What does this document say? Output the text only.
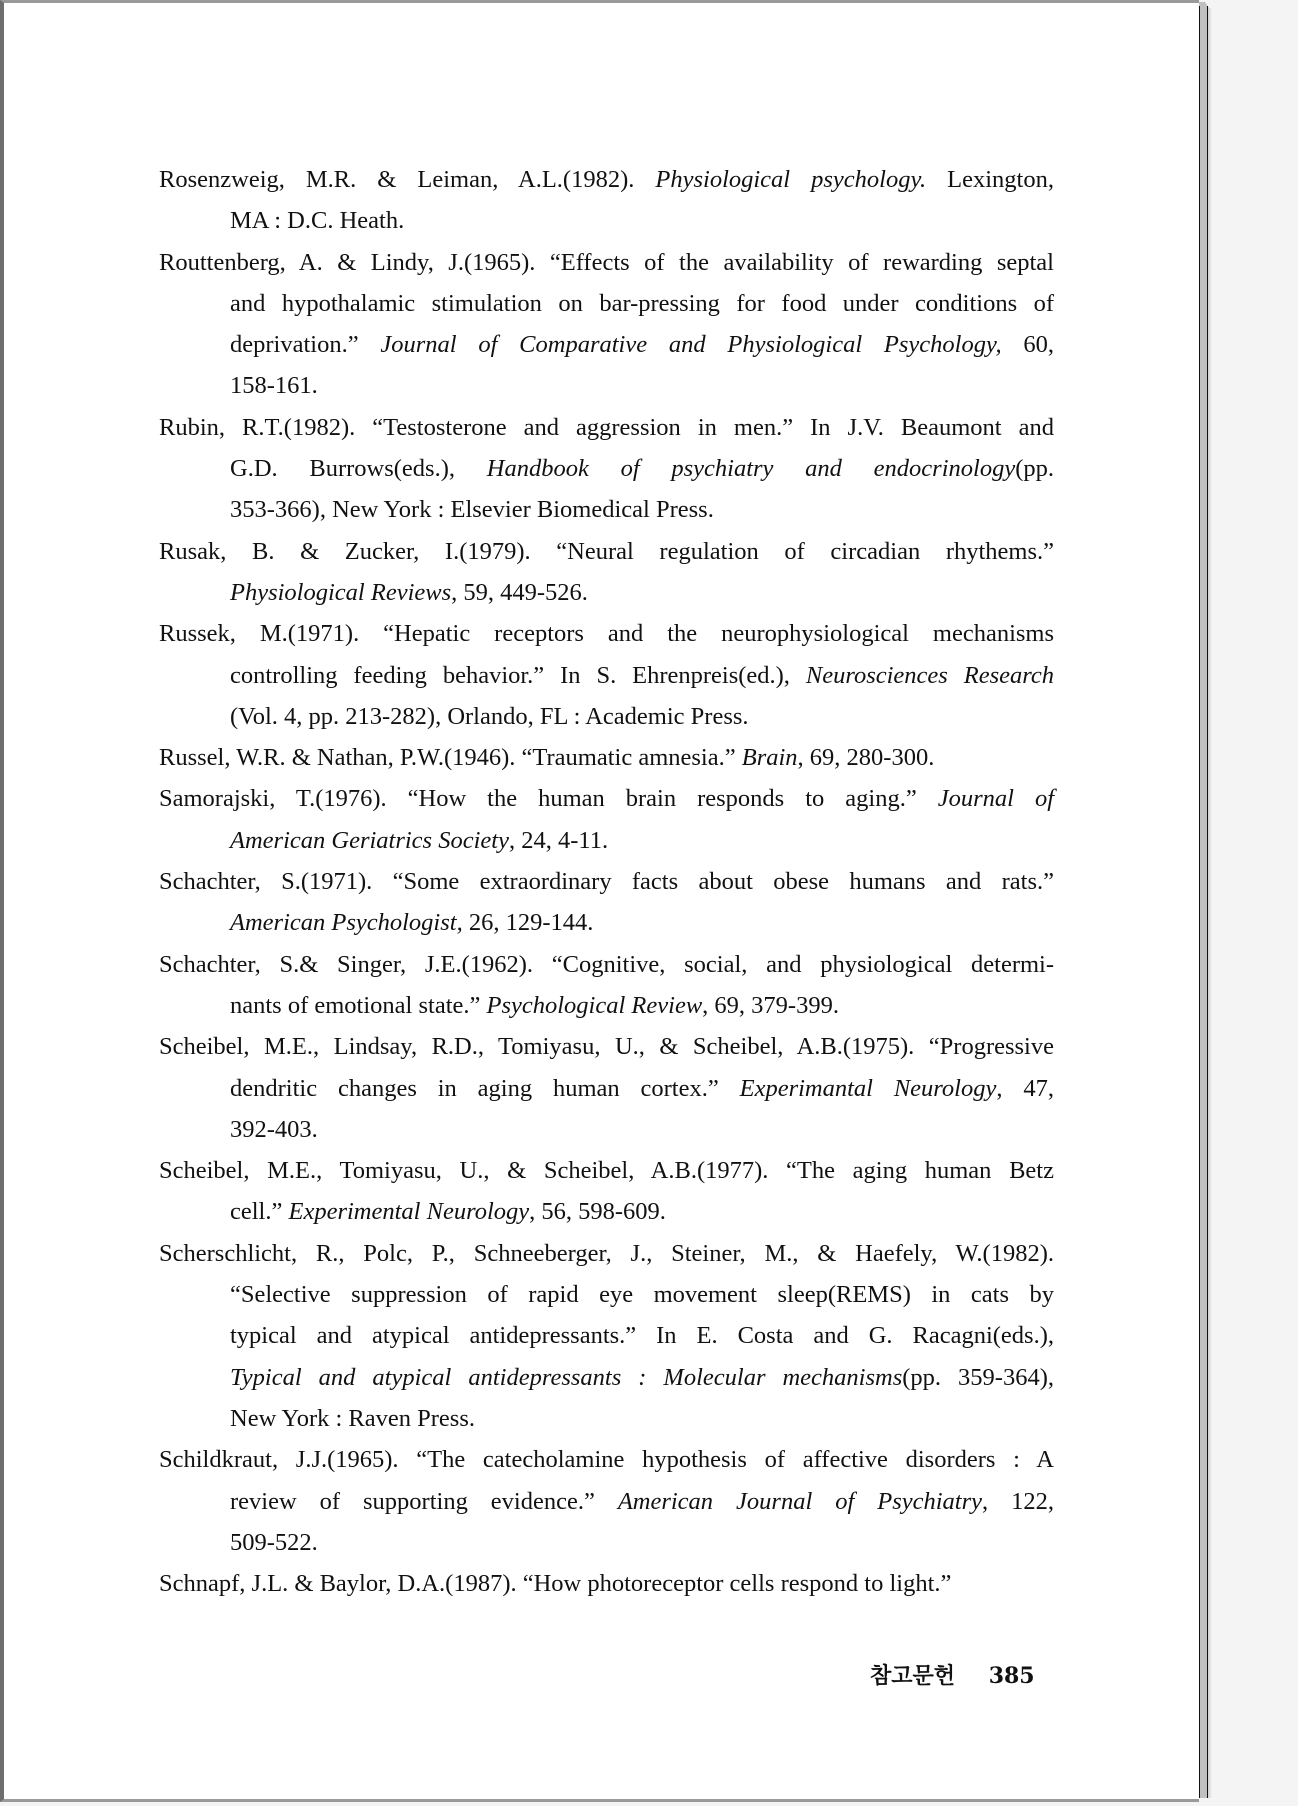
Rosenzweig, M.R. & Leiman, A.L.(1982). Physiological psychology. Lexington,
MA : D.C. Heath.
Routtenberg, A. & Lindy, J.(1965). “Effects of the availability of rewarding septal
and hypothalamic stimulation on bar-pressing for food under conditions of
deprivation.” Journal of Comparative and Physiological Psychology, 60,
158-161.
Rubin, R.T.(1982). “Testosterone and aggression in men.” In J.V. Beaumont and
G.D. Burrows(eds.), Handbook of psychiatry and endocrinology(pp.
353-366), New York : Elsevier Biomedical Press.
Rusak, B. & Zucker, I.(1979). “Neural regulation of circadian rhythems.”
Physiological Reviews, 59, 449-526.
Russek, M.(1971). “Hepatic receptors and the neurophysiological mechanisms
controlling feeding behavior.” In S. Ehrenpreis(ed.), Neurosciences Research
(Vol. 4, pp. 213-282), Orlando, FL : Academic Press.
Russel, W.R. & Nathan, P.W.(1946). “Traumatic amnesia.” Brain, 69, 280-300.
Samorajski, T.(1976). “How the human brain responds to aging.” Journal of
American Geriatrics Society, 24, 4-11.
Schachter, S.(1971). “Some extraordinary facts about obese humans and rats.”
American Psychologist, 26, 129-144.
Schachter, S.& Singer, J.E.(1962). “Cognitive, social, and physiological determi-
nants of emotional state.” Psychological Review, 69, 379-399.
Scheibel, M.E., Lindsay, R.D., Tomiyasu, U., & Scheibel, A.B.(1975). “Progressive
dendritic changes in aging human cortex.” Experimantal Neurology, 47,
392-403.
Scheibel, M.E., Tomiyasu, U., & Scheibel, A.B.(1977). “The aging human Betz
cell.” Experimental Neurology, 56, 598-609.
Scherschlicht, R., Polc, P., Schneeberger, J., Steiner, M., & Haefely, W.(1982).
“Selective suppression of rapid eye movement sleep(REMS) in cats by
typical and atypical antidepressants.” In E. Costa and G. Racagni(eds.),
Typical and atypical antidepressants : Molecular mechanisms(pp. 359-364),
New York : Raven Press.
Schildkraut, J.J.(1965). “The catecholamine hypothesis of affective disorders : A
review of supporting evidence.” American Journal of Psychiatry, 122,
509-522.
Schnapf, J.L. & Baylor, D.A.(1987). “How photoreceptor cells respond to light.”
참고문헌 385
